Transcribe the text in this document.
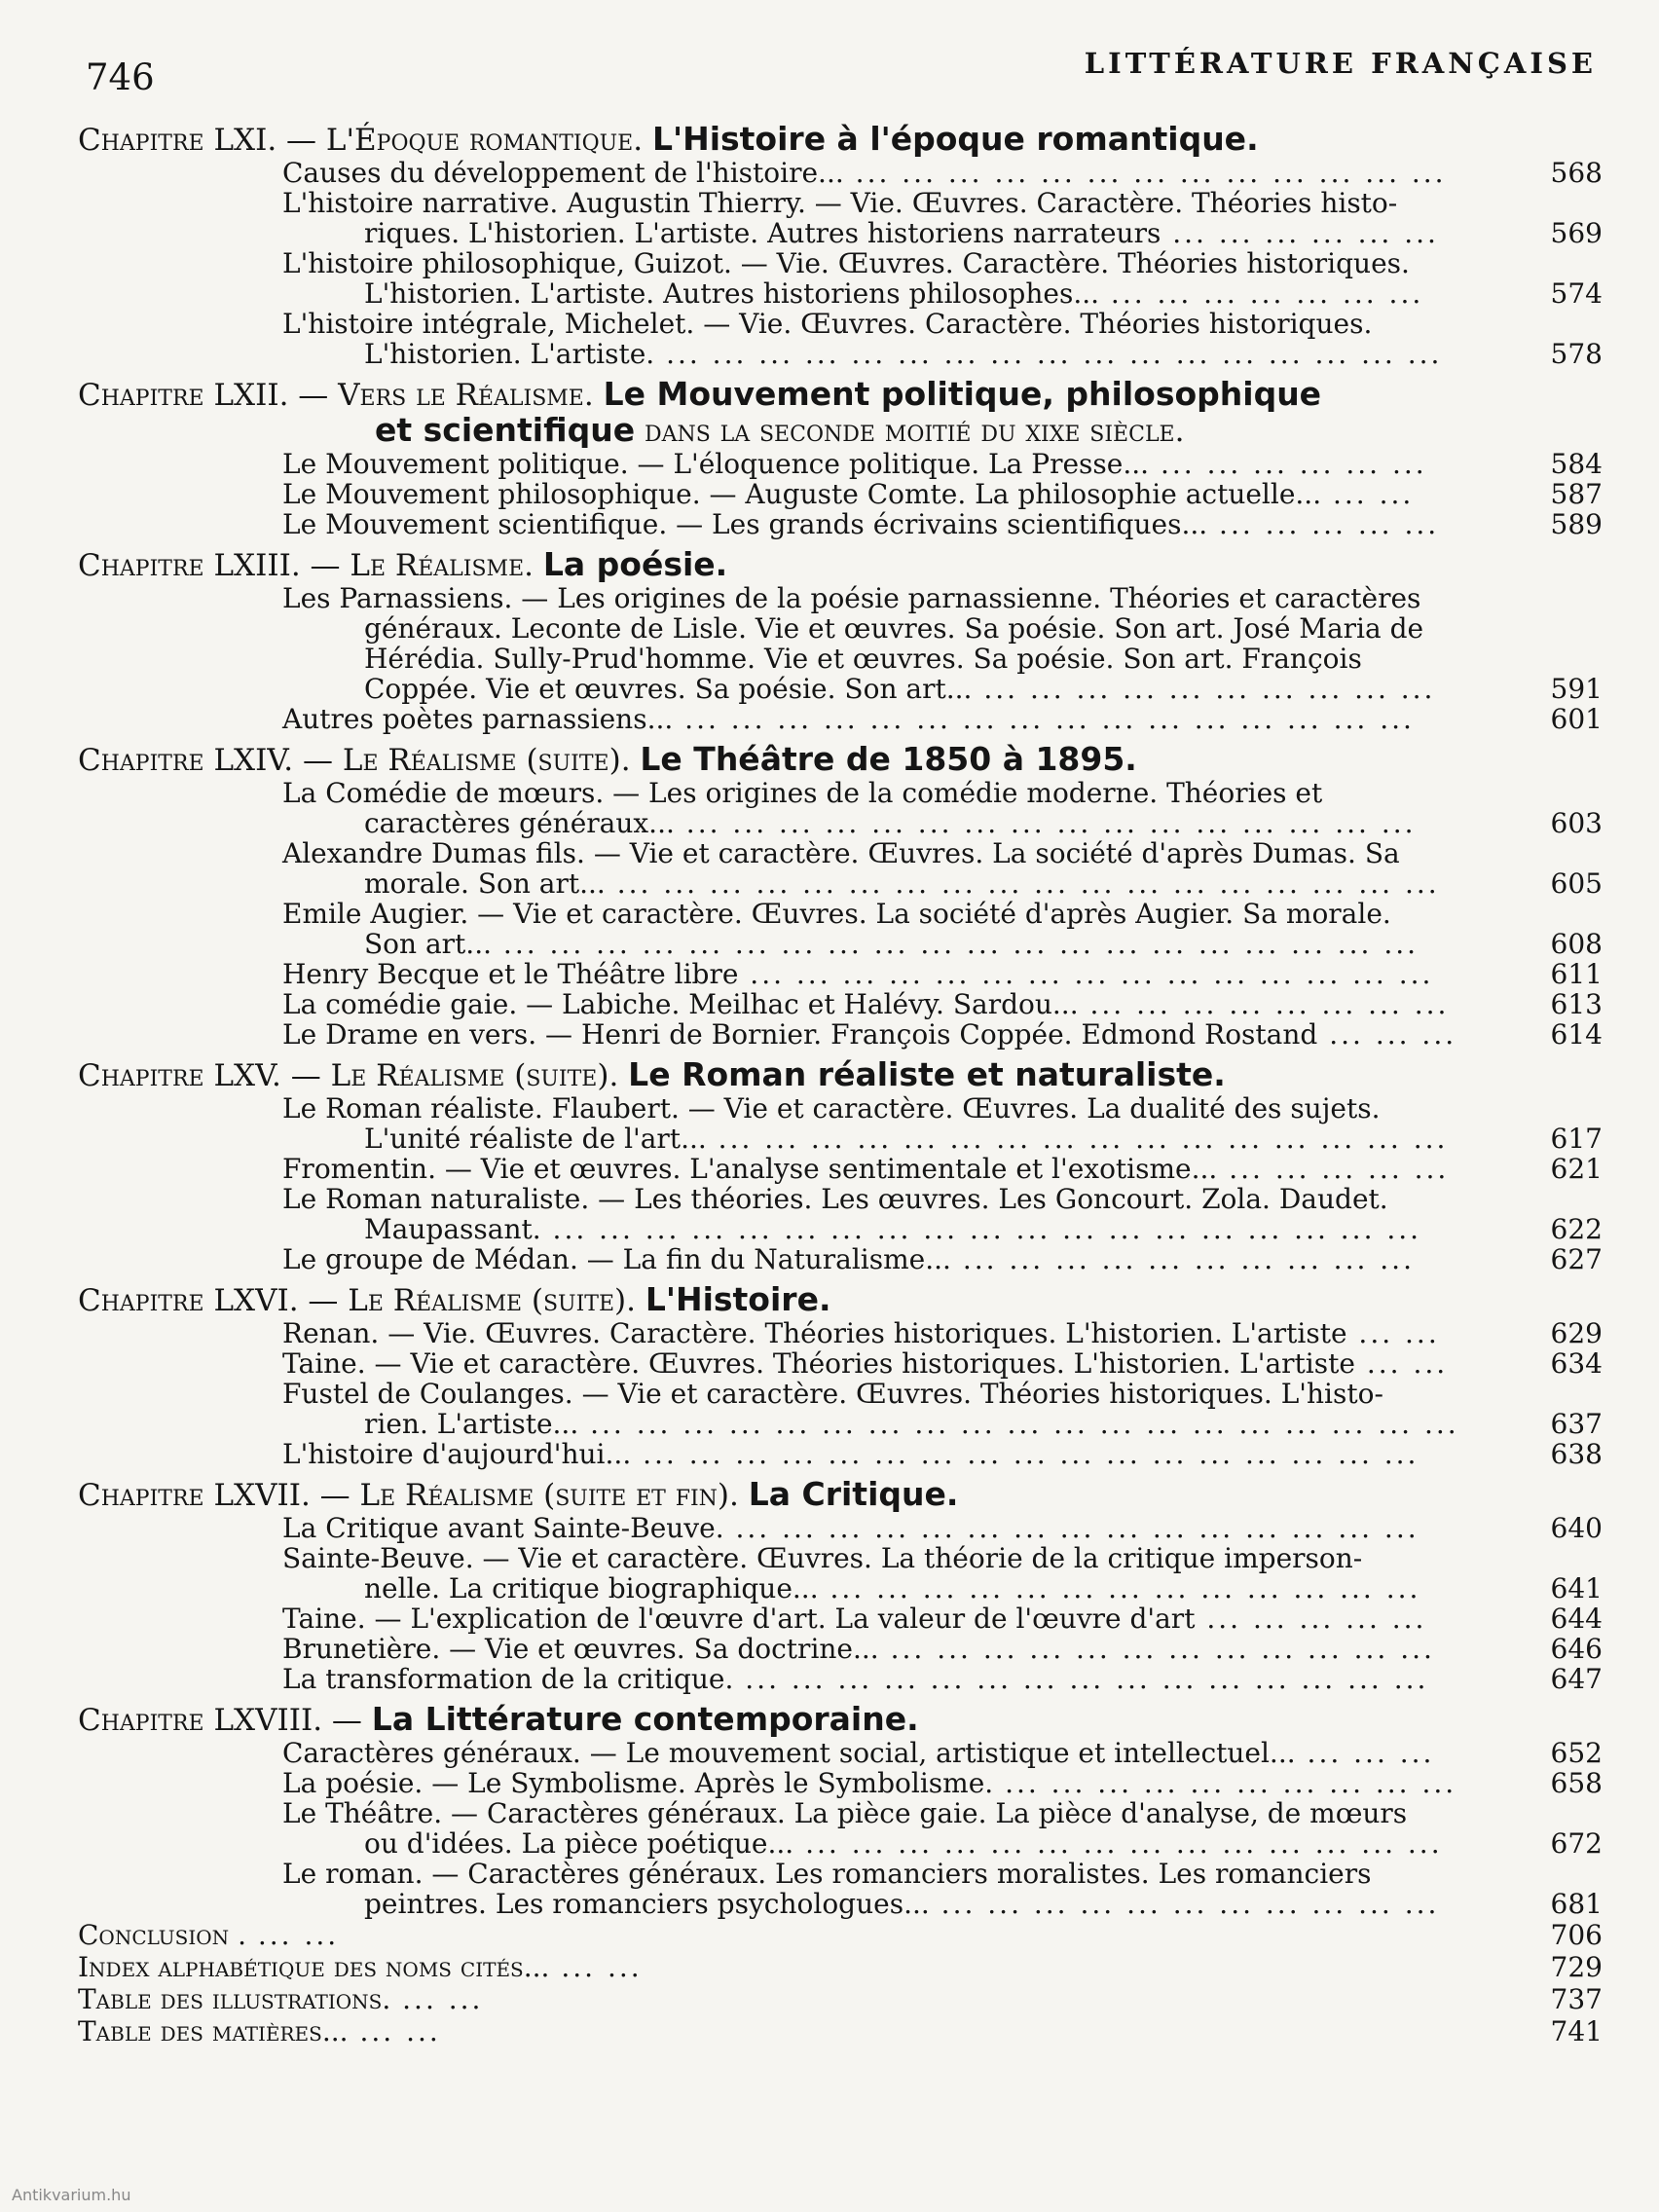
746	LITTÉRATURE FRANÇAISE
Chapitre LXI. — L'Époque romantique. L'Histoire à l'époque romantique.
Causes du développement de l'histoire... ... ... ... ... ... ... ... ... ... ... ... ... ...	568
L'histoire narrative. Augustin Thierry. — Vie. Œuvres. Caractère. Théories histo-
riques. L'historien. L'artiste. Autres historiens narrateurs ... ... ... ... ... ...	569
L'histoire philosophique, Guizot. — Vie. Œuvres. Caractère. Théories historiques.
L'historien. L'artiste. Autres historiens philosophes... ... ... ... ... ... ... ...	574
L'histoire intégrale, Michelet. — Vie. Œuvres. Caractère. Théories historiques.
L'historien. L'artiste. ... ... ... ... ... ... ... ... ... ... ... ... ... ... ... ... ...	578
Chapitre LXII. — Vers le Réalisme. Le Mouvement politique, philosophique
et scientifique dans la seconde moitié du xixe siècle.
Le Mouvement politique. — L'éloquence politique. La Presse... ... ... ... ... ... ...	584
Le Mouvement philosophique. — Auguste Comte. La philosophie actuelle... ... ...	587
Le Mouvement scientifique. — Les grands écrivains scientifiques... ... ... ... ... ...	589
Chapitre LXIII. — Le Réalisme. La poésie.
Les Parnassiens. — Les origines de la poésie parnassienne. Théories et caractères
généraux. Leconte de Lisle. Vie et œuvres. Sa poésie. Son art. José Maria de
Hérédia. Sully-Prud'homme. Vie et œuvres. Sa poésie. Son art. François
Coppée. Vie et œuvres. Sa poésie. Son art... ... ... ... ... ... ... ... ... ... ...	591
Autres poètes parnassiens... ... ... ... ... ... ... ... ... ... ... ... ... ... ... ... ...	601
Chapitre LXIV. — Le Réalisme (suite). Le Théâtre de 1850 à 1895.
La Comédie de mœurs. — Les origines de la comédie moderne. Théories et
caractères généraux... ... ... ... ... ... ... ... ... ... ... ... ... ... ... ... ...	603
Alexandre Dumas fils. — Vie et caractère. Œuvres. La société d'après Dumas. Sa
morale. Son art... ... ... ... ... ... ... ... ... ... ... ... ... ... ... ... ... ... ...	605
Emile Augier. — Vie et caractère. Œuvres. La société d'après Augier. Sa morale.
Son art... ... ... ... ... ... ... ... ... ... ... ... ... ... ... ... ... ... ... ... ...	608
Henry Becque et le Théâtre libre ... ... ... ... ... ... ... ... ... ... ... ... ... ... ...	611
La comédie gaie. — Labiche. Meilhac et Halévy. Sardou... ... ... ... ... ... ... ... ...	613
Le Drame en vers. — Henri de Bornier. François Coppée. Edmond Rostand ... ... ...	614
Chapitre LXV. — Le Réalisme (suite). Le Roman réaliste et naturaliste.
Le Roman réaliste. Flaubert. — Vie et caractère. Œuvres. La dualité des sujets.
L'unité réaliste de l'art... ... ... ... ... ... ... ... ... ... ... ... ... ... ... ... ...	617
Fromentin. — Vie et œuvres. L'analyse sentimentale et l'exotisme... ... ... ... ... ...	621
Le Roman naturaliste. — Les théories. Les œuvres. Les Goncourt. Zola. Daudet.
Maupassant. ... ... ... ... ... ... ... ... ... ... ... ... ... ... ... ... ... ... ...	622
Le groupe de Médan. — La fin du Naturalisme... ... ... ... ... ... ... ... ... ... ...	627
Chapitre LXVI. — Le Réalisme (suite). L'Histoire.
Renan. — Vie. Œuvres. Caractère. Théories historiques. L'historien. L'artiste ... ...	629
Taine. — Vie et caractère. Œuvres. Théories historiques. L'historien. L'artiste ... ...	634
Fustel de Coulanges. — Vie et caractère. Œuvres. Théories historiques. L'histo-
rien. L'artiste... ... ... ... ... ... ... ... ... ... ... ... ... ... ... ... ... ... ... ...	637
L'histoire d'aujourd'hui... ... ... ... ... ... ... ... ... ... ... ... ... ... ... ... ... ...	638
Chapitre LXVII. — Le Réalisme (suite et fin). La Critique.
La Critique avant Sainte-Beuve. ... ... ... ... ... ... ... ... ... ... ... ... ... ... ...	640
Sainte-Beuve. — Vie et caractère. Œuvres. La théorie de la critique imperson-
nelle. La critique biographique... ... ... ... ... ... ... ... ... ... ... ... ... ...	641
Taine. — L'explication de l'œuvre d'art. La valeur de l'œuvre d'art ... ... ... ... ...	644
Brunetière. — Vie et œuvres. Sa doctrine... ... ... ... ... ... ... ... ... ... ... ... ...	646
La transformation de la critique. ... ... ... ... ... ... ... ... ... ... ... ... ... ... ...	647
Chapitre LXVIII. — La Littérature contemporaine.
Caractères généraux. — Le mouvement social, artistique et intellectuel... ... ... ...	652
La poésie. — Le Symbolisme. Après le Symbolisme. ... ... ... ... ... ... ... ... ... ...	658
Le Théâtre. — Caractères généraux. La pièce gaie. La pièce d'analyse, de mœurs
ou d'idées. La pièce poétique... ... ... ... ... ... ... ... ... ... ... ... ... ... ...	672
Le roman. — Caractères généraux. Les romanciers moralistes. Les romanciers
peintres. Les romanciers psychologues... ... ... ... ... ... ... ... ... ... ... ...	681
Conclusion . ... ...	706
Index alphabétique des noms cités... ... ...	729
Table des illustrations. ... ...	737
Table des matières... ... ...	741
Antikvarium.hu
